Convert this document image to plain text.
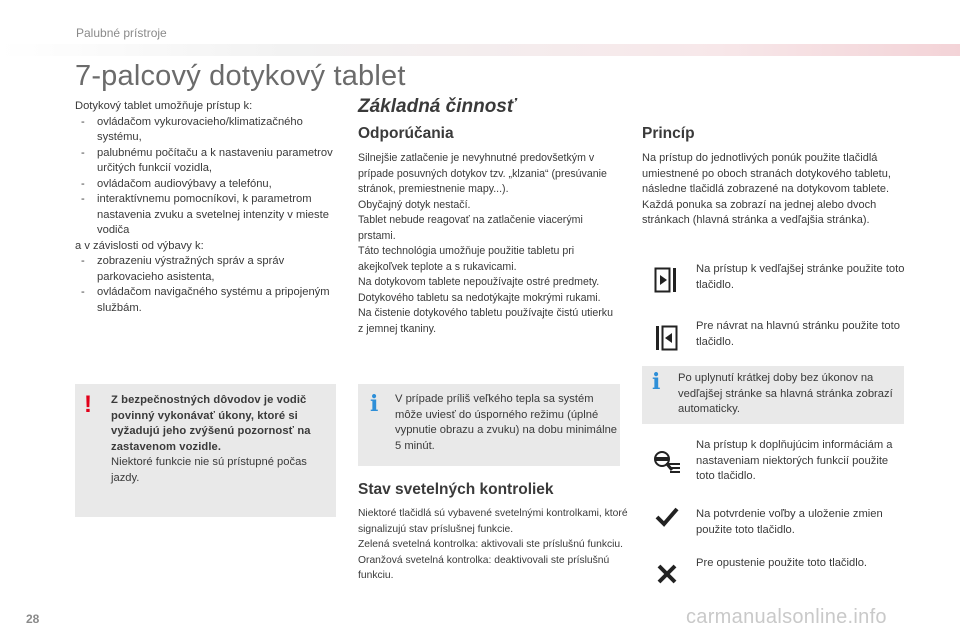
Palubné prístroje
7-palcový dotykový tablet

Dotykový tablet umožňuje prístup k:

- ovládačom vykurovacieho/klimatizačného systému,

- palubnému počítaču a k nastaveniu parametrov určitých funkcií vozidla,

- ovládačom audiovýbavy a telefónu,

- interaktívnemu pomocníkovi, k parametrom nastavenia zvuku a svetelnej intenzity v mieste vodiča

a v závislosti od výbavy k:

- zobrazeniu výstražných správ a správ parkovacieho asistenta,

- ovládačom navigačného systému a pripojeným službám.

! Z bezpečnostných dôvodov je vodič povinný vykonávať úkony, ktoré si vyžadujú jeho zvýšenú pozornosť na zastavenom vozidle.
Niektoré funkcie nie sú prístupné počas jazdy.
Základná činnosť
Odporúčania
Silnejšie zatlačenie je nevyhnutné predovšetkým v prípade posuvných dotykov tzv. „klzania“ (presúvanie stránok, premiestnenie mapy...).
Obyčajný dotyk nestačí.
Tablet nebude reagovať na zatlačenie viacerými prstami.
Táto technológia umožňuje použitie tabletu pri akejkoľvek teplote a s rukavicami.
Na dotykovom tablete nepoužívajte ostré predmety.
Dotykového tabletu sa nedotýkajte mokrými rukami.
Na čistenie dotykového tabletu používajte čistú utierku z jemnej tkaniny.
i V prípade príliš veľkého tepla sa systém môže uviesť do úsporného režimu (úplné vypnutie obrazu a zvuku) na dobu minimálne 5 minút.
Stav svetelných kontroliek
Niektoré tlačidlá sú vybavené svetelnými kontrolkami, ktoré signalizujú stav príslušnej funkcie.
Zelená svetelná kontrolka: aktivovali ste príslušnú funkciu.
Oranžová svetelná kontrolka: deaktivovali ste príslušnú funkciu.
Princíp
Na prístup do jednotlivých ponúk použite tlačidlá umiestnené po oboch stranách dotykového tabletu, následne tlačidlá zobrazené na dotykovom tablete.
Každá ponuka sa zobrazí na jednej alebo dvoch stránkach (hlavná stránka a vedľajšia stránka).
Na prístup k vedľajšej stránke použite toto tlačidlo.
Pre návrat na hlavnú stránku použite toto tlačidlo.
i Po uplynutí krátkej doby bez úkonov na vedľajšej stránke sa hlavná stránka zobrazí automaticky.
Na prístup k doplňujúcim informáciám a nastaveniam niektorých funkcií použite toto tlačidlo.
Na potvrdenie voľby a uloženie zmien použite toto tlačidlo.
Pre opustenie použite toto tlačidlo.
28	carmanualsonline.info
